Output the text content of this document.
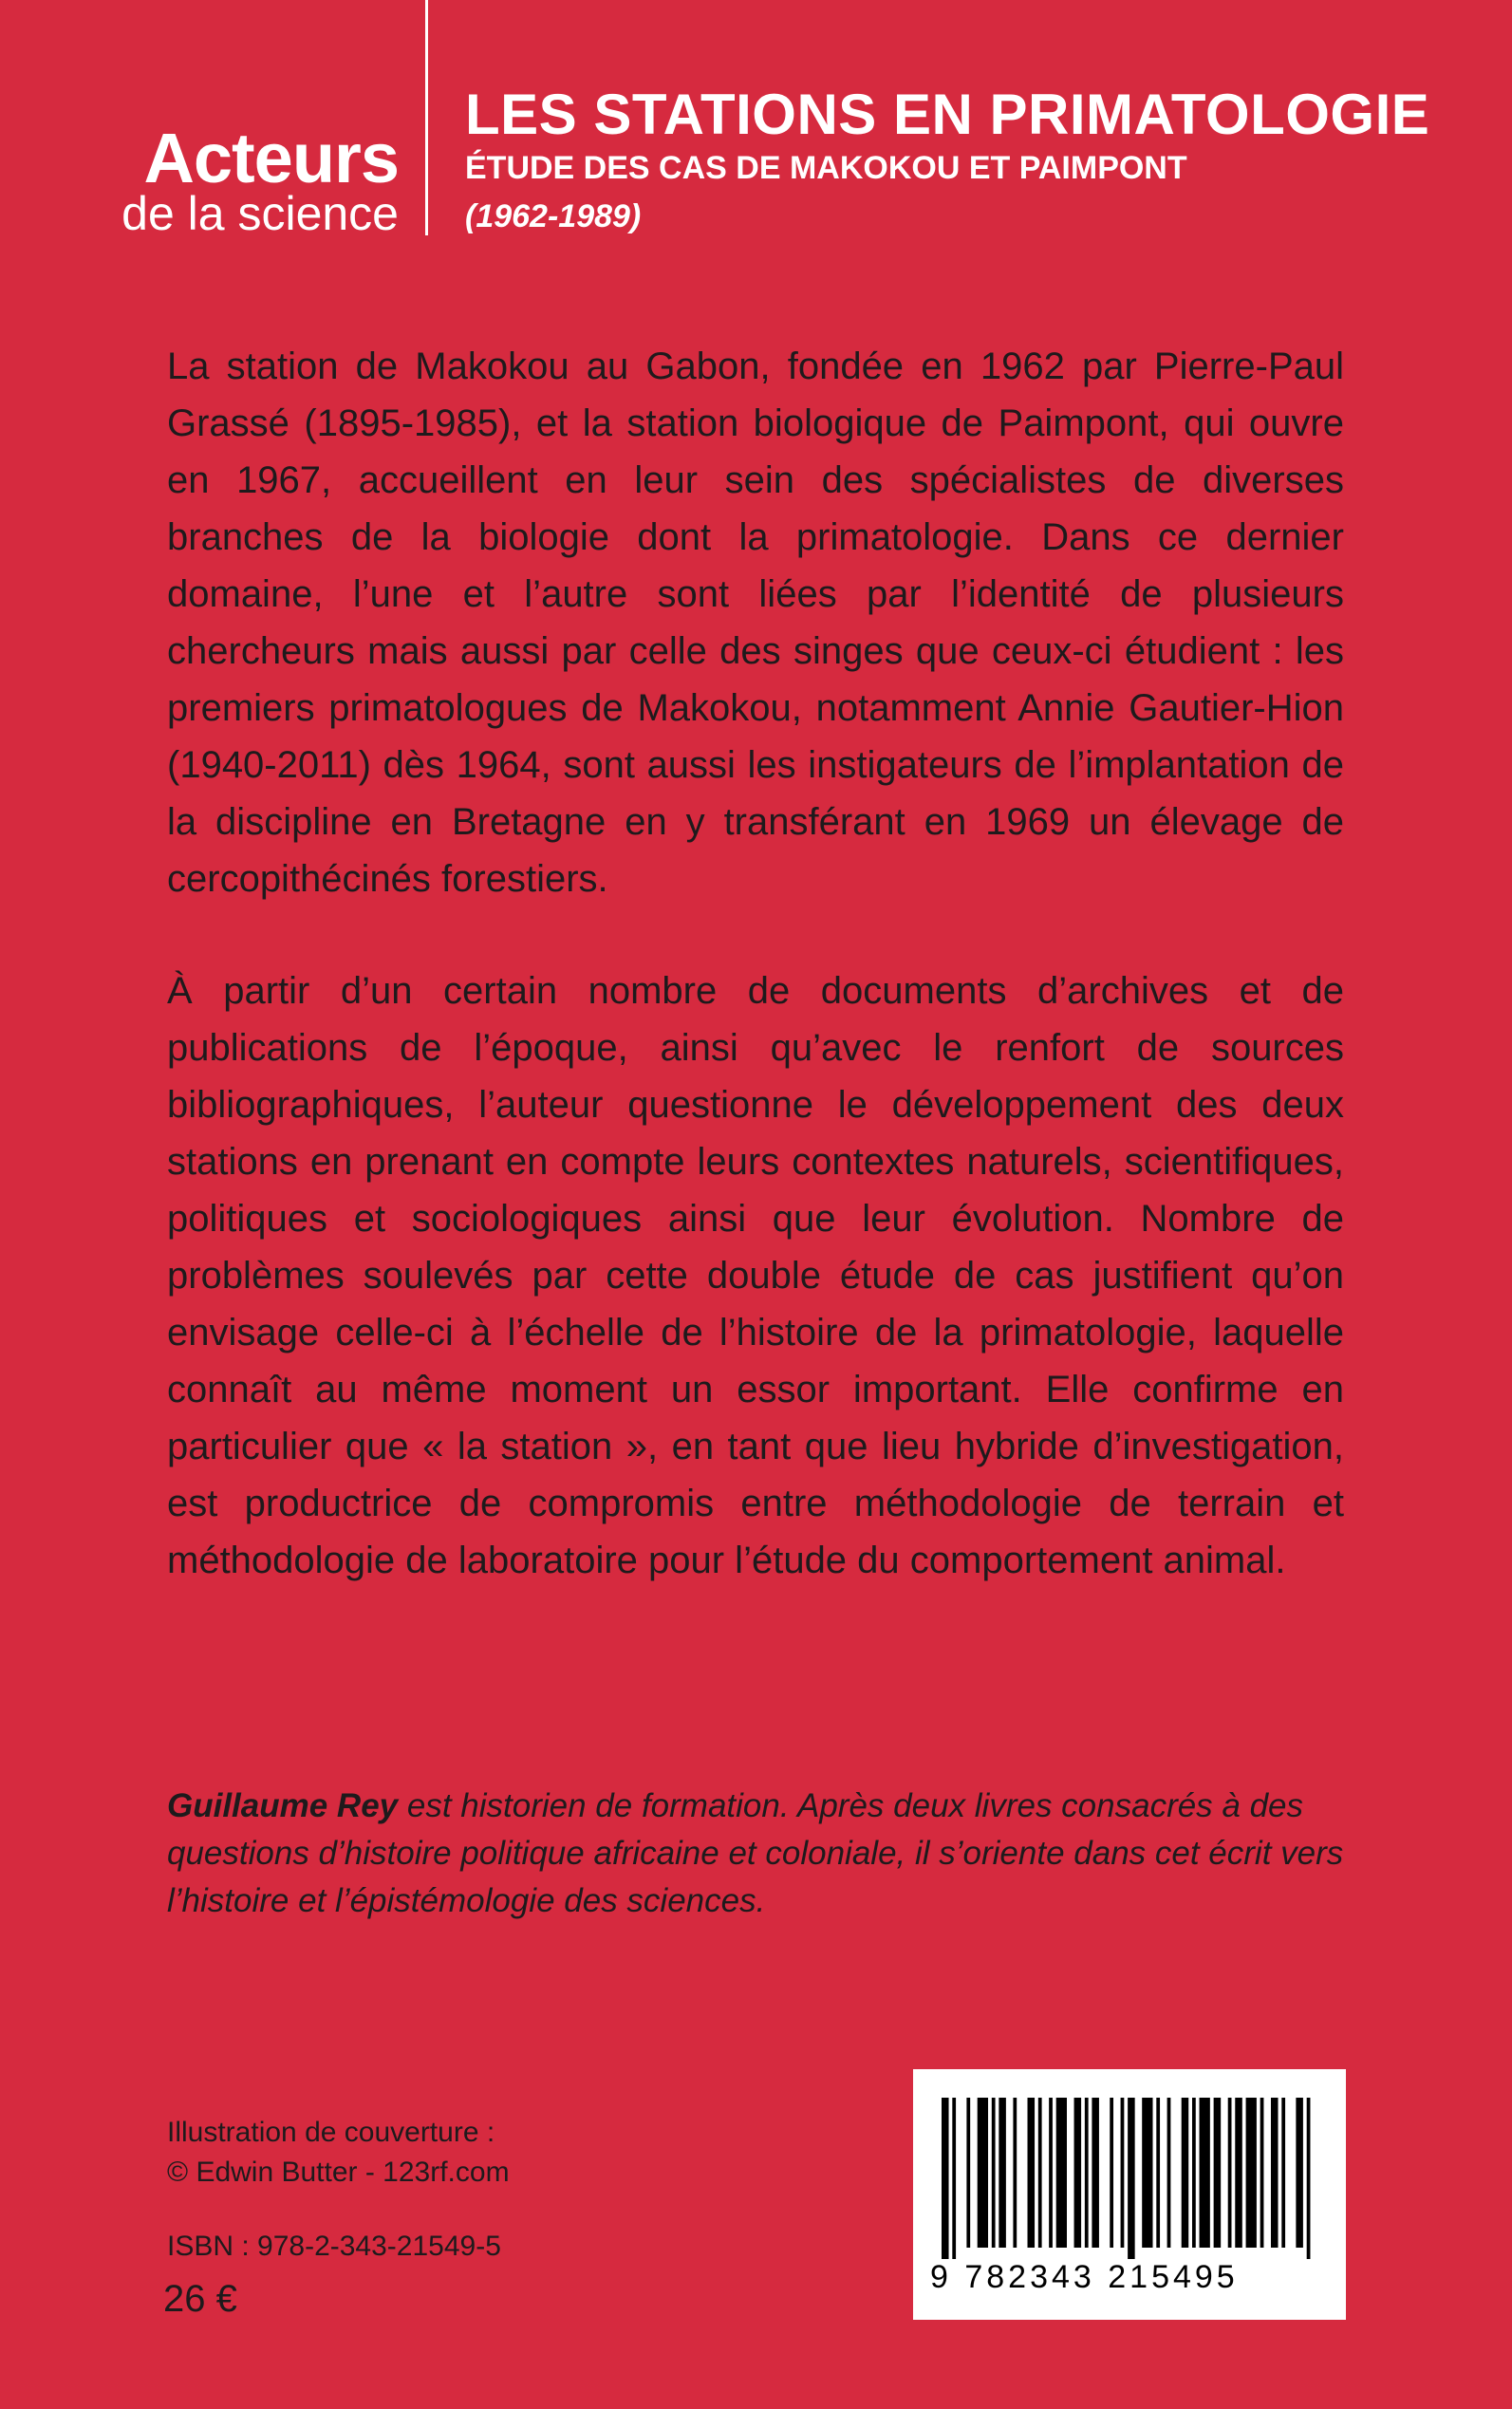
Acteurs
de la science
LES STATIONS EN PRIMATOLOGIE
ÉTUDE DES CAS DE MAKOKOU ET PAIMPONT
(1962-1989)
La station de Makokou au Gabon, fondée en 1962 par Pierre-Paul Grassé (1895-1985), et la station biologique de Paimpont, qui ouvre en 1967, accueillent en leur sein des spécialistes de diverses branches de la biologie dont la primatologie. Dans ce dernier domaine, l’une et l’autre sont liées par l’identité de plusieurs chercheurs mais aussi par celle des singes que ceux-ci étudient : les premiers primatologues de Makokou, notamment Annie Gautier-Hion (1940-2011) dès 1964, sont aussi les instigateurs de l’implantation de la discipline en Bretagne en y transférant en 1969 un élevage de cercopithécinés forestiers.
À partir d’un certain nombre de documents d’archives et de publications de l’époque, ainsi qu’avec le renfort de sources bibliographiques, l’auteur questionne le développement des deux stations en prenant en compte leurs contextes naturels, scientifiques, politiques et sociologiques ainsi que leur évolution. Nombre de problèmes soulevés par cette double étude de cas justifient qu’on envisage celle-ci à l’échelle de l’histoire de la primatologie, laquelle connaît au même moment un essor important. Elle confirme en particulier que « la station », en tant que lieu hybride d’investigation, est productrice de compromis entre méthodologie de terrain et méthodologie de laboratoire pour l’étude du comportement animal.
Guillaume Rey est historien de formation. Après deux livres consacrés à des questions d’histoire politique africaine et coloniale, il s’oriente dans cet écrit vers l’histoire et l’épistémologie des sciences.
Illustration de couverture :
© Edwin Butter - 123rf.com
ISBN : 978-2-343-21549-5
26 €
9 782343 215495
